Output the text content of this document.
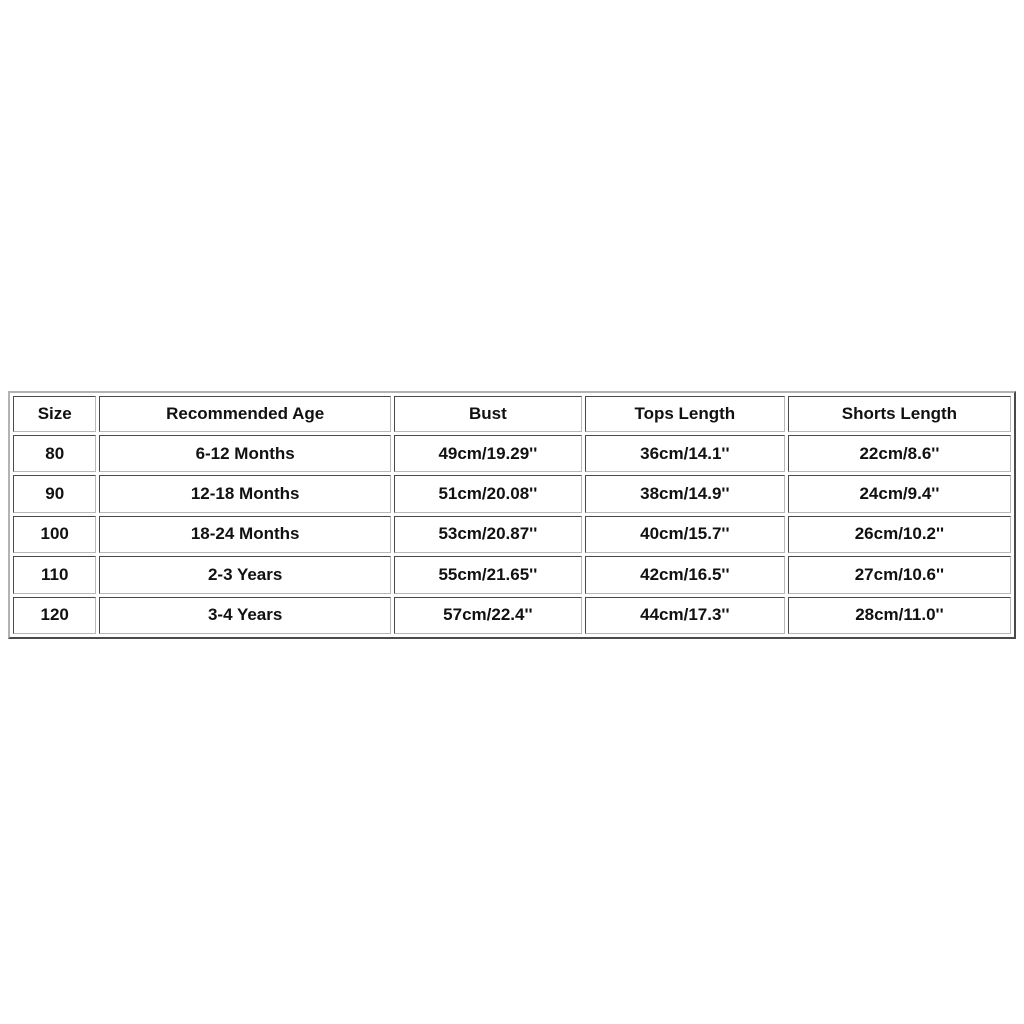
Size	Recommended Age	Bust	Tops Length	Shorts Length
80	6-12 Months	49cm/19.29''	36cm/14.1''	22cm/8.6''
90	12-18 Months	51cm/20.08''	38cm/14.9''	24cm/9.4''
100	18-24 Months	53cm/20.87''	40cm/15.7''	26cm/10.2''
110	2-3 Years	55cm/21.65''	42cm/16.5''	27cm/10.6''
120	3-4 Years	57cm/22.4''	44cm/17.3''	28cm/11.0''
